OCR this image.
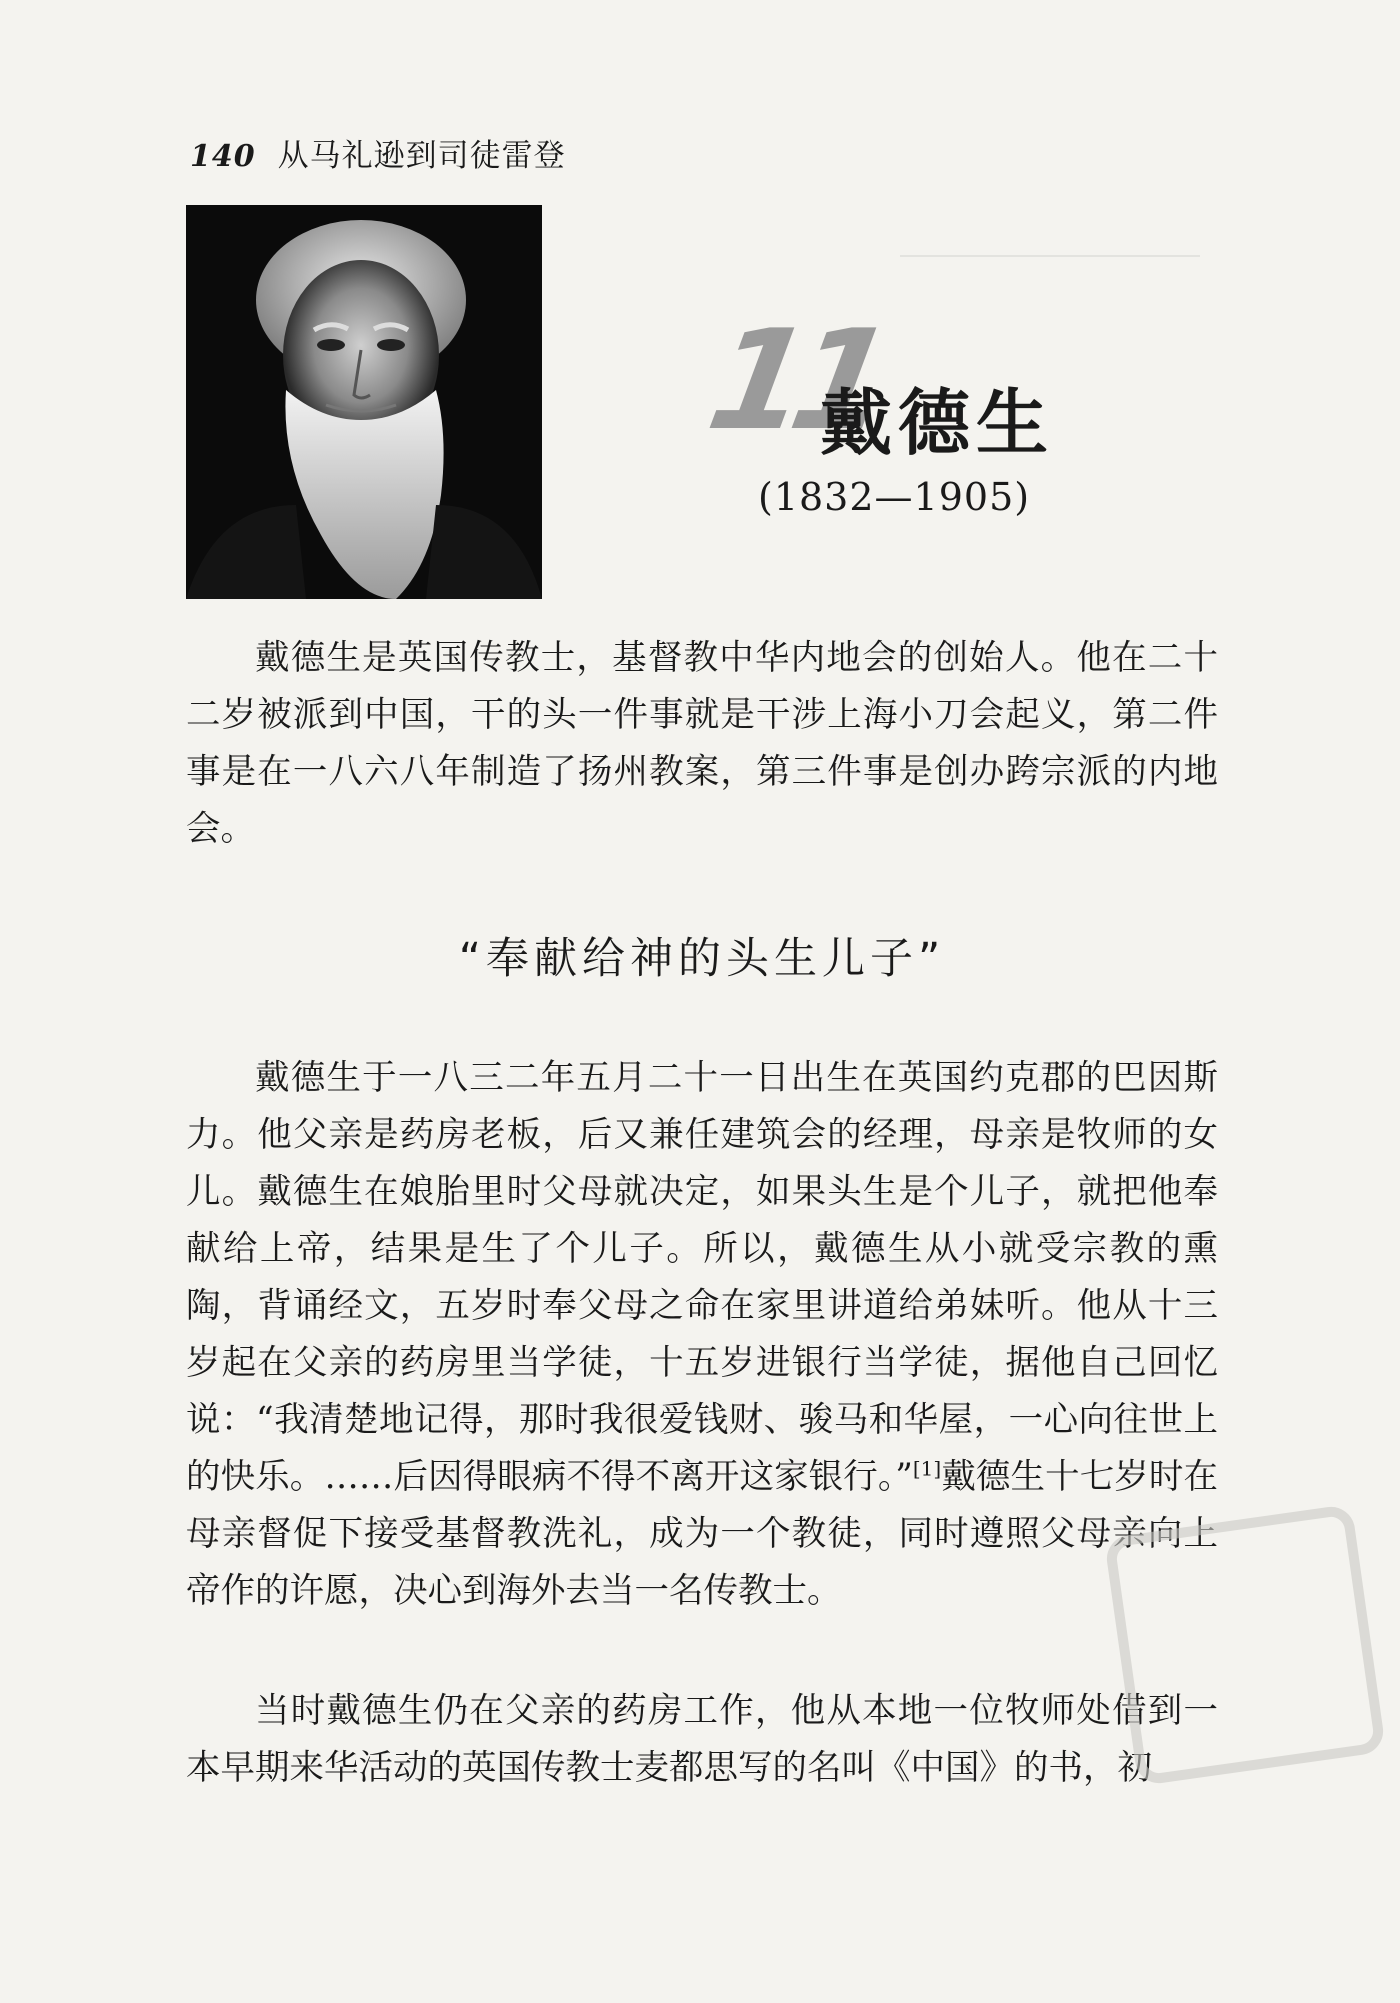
140 从马礼逊到司徒雷登
11
戴德生
(1832—1905)

戴德生是英国传教士，基督教中华内地会的创始人。他在二十二岁被派到中国，干的头一件事就是干涉上海小刀会起义，第二件事是在一八六八年制造了扬州教案，第三件事是创办跨宗派的内地会。

“奉献给神的头生儿子”

戴德生于一八三二年五月二十一日出生在英国约克郡的巴因斯力。他父亲是药房老板，后又兼任建筑会的经理，母亲是牧师的女儿。戴德生在娘胎里时父母就决定，如果头生是个儿子，就把他奉献给上帝，结果是生了个儿子。所以，戴德生从小就受宗教的熏陶，背诵经文，五岁时奉父母之命在家里讲道给弟妹听。他从十三岁起在父亲的药房里当学徒，十五岁进银行当学徒，据他自己回忆说：“我清楚地记得，那时我很爱钱财、骏马和华屋，一心向往世上的快乐。……后因得眼病不得不离开这家银行。”[1]戴德生十七岁时在母亲督促下接受基督教洗礼，成为一个教徒，同时遵照父母亲向上帝作的许愿，决心到海外去当一名传教士。

当时戴德生仍在父亲的药房工作，他从本地一位牧师处借到一本早期来华活动的英国传教士麦都思写的名叫《中国》的书，初
